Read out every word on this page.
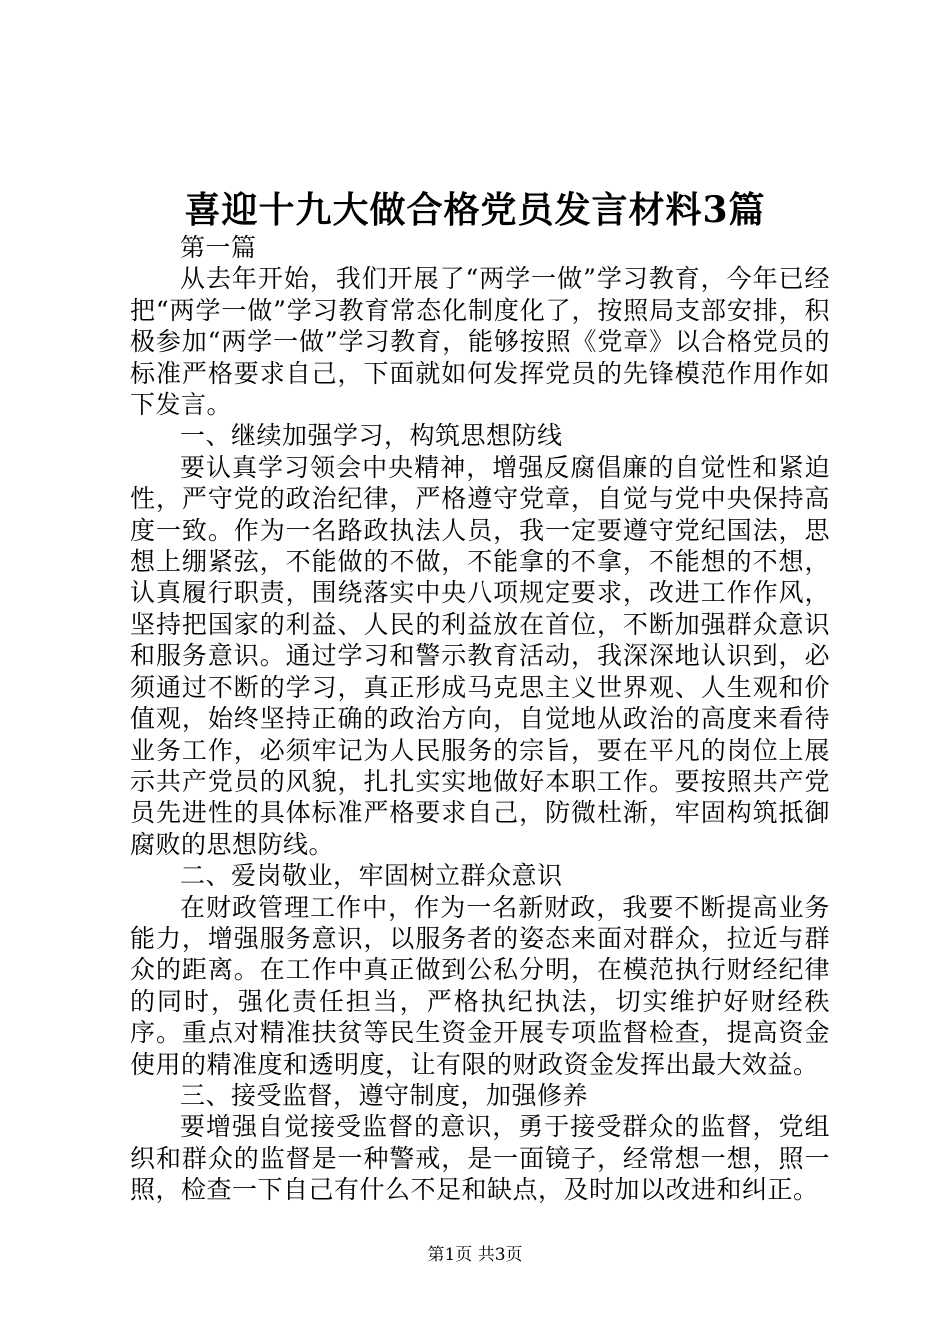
喜迎十九大做合格党员发言材料3篇

第一篇

从去年开始，我们开展了“两学一做”学习教育，今年已经把“两学一做”学习教育常态化制度化了，按照局支部安排，积极参加“两学一做”学习教育，能够按照《党章》以合格党员的标准严格要求自己，下面就如何发挥党员的先锋模范作用作如下发言。

一、继续加强学习，构筑思想防线

要认真学习领会中央精神，增强反腐倡廉的自觉性和紧迫性，严守党的政治纪律，严格遵守党章，自觉与党中央保持高度一致。作为一名路政执法人员，我一定要遵守党纪国法，思想上绷紧弦，不能做的不做，不能拿的不拿，不能想的不想，认真履行职责，围绕落实中央八项规定要求，改进工作作风，坚持把国家的利益、人民的利益放在首位，不断加强群众意识和服务意识。通过学习和警示教育活动，我深深地认识到，必须通过不断的学习，真正形成马克思主义世界观、人生观和价值观，始终坚持正确的政治方向，自觉地从政治的高度来看待业务工作，必须牢记为人民服务的宗旨，要在平凡的岗位上展示共产党员的风貌，扎扎实实地做好本职工作。要按照共产党员先进性的具体标准严格要求自己，防微杜渐，牢固构筑抵御腐败的思想防线。

二、爱岗敬业，牢固树立群众意识

在财政管理工作中，作为一名新财政，我要不断提高业务能力，增强服务意识，以服务者的姿态来面对群众，拉近与群众的距离。在工作中真正做到公私分明，在模范执行财经纪律的同时，强化责任担当，严格执纪执法，切实维护好财经秩序。重点对精准扶贫等民生资金开展专项监督检查，提高资金使用的精准度和透明度，让有限的财政资金发挥出最大效益。

三、接受监督，遵守制度，加强修养

要增强自觉接受监督的意识，勇于接受群众的监督，党组织和群众的监督是一种警戒，是一面镜子，经常想一想，照一照，检查一下自己有什么不足和缺点，及时加以改进和纠正。

第1页 共3页
